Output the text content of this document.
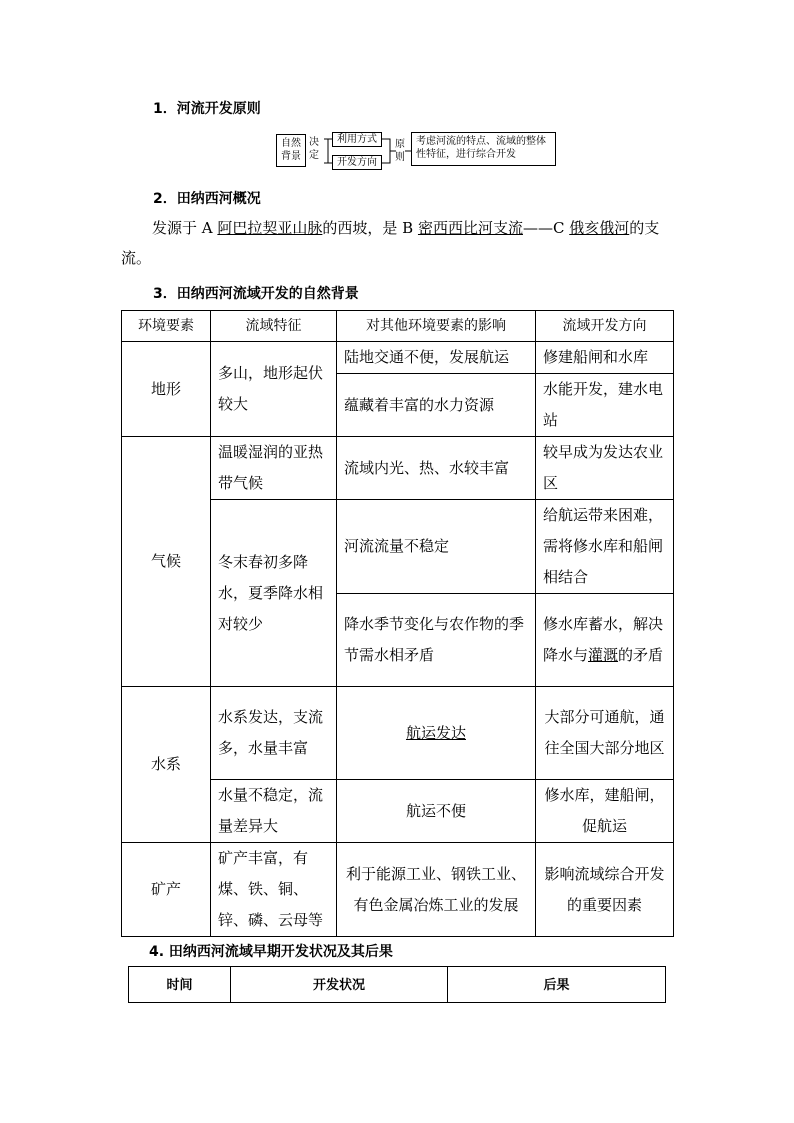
1．河流开发原则
自然背景
决定
利用方式
开发方向
原则
考虑河流的特点、流域的整体性特征，进行综合开发
2．田纳西河概况
发源于 A 阿巴拉契亚山脉的西坡，是 B 密西西比河支流——C 俄亥俄河的支流。
3．田纳西河流域开发的自然背景
环境要素	流域特征	对其他环境要素的影响	流域开发方向
地形	多山，地形起伏较大	陆地交通不便，发展航运	修建船闸和水库
		蕴藏着丰富的水力资源	水能开发，建水电站
气候	温暖湿润的亚热带气候	流域内光、热、水较丰富	较早成为发达农业区
	冬末春初多降水，夏季降水相对较少	河流流量不稳定	给航运带来困难，需将修水库和船闸相结合
		降水季节变化与农作物的季节需水相矛盾	修水库蓄水，解决降水与灌溉的矛盾
水系	水系发达，支流多，水量丰富	航运发达	大部分可通航，通往全国大部分地区
	水量不稳定，流量差异大	航运不便	修水库，建船闸，促航运
矿产	矿产丰富，有煤、铁、铜、锌、磷、云母等	利于能源工业、钢铁工业、有色金属冶炼工业的发展	影响流域综合开发的重要因素
4. 田纳西河流域早期开发状况及其后果
时间	开发状况	后果
